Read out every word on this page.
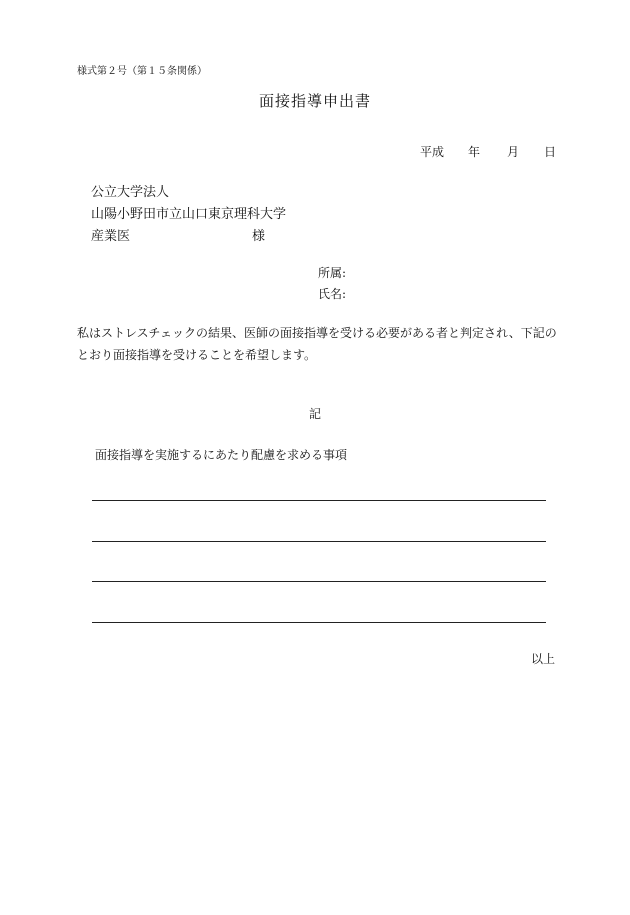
様式第２号（第１５条関係）
面接指導申出書
平成 年 月 日
公立大学法人
山陽小野田市立山口東京理科大学
産業医	様
所属:
氏名:
私はストレスチェックの結果、医師の面接指導を受ける必要がある者と判定され、下記のとおり面接指導を受けることを希望します。
記
面接指導を実施するにあたり配慮を求める事項
以上
